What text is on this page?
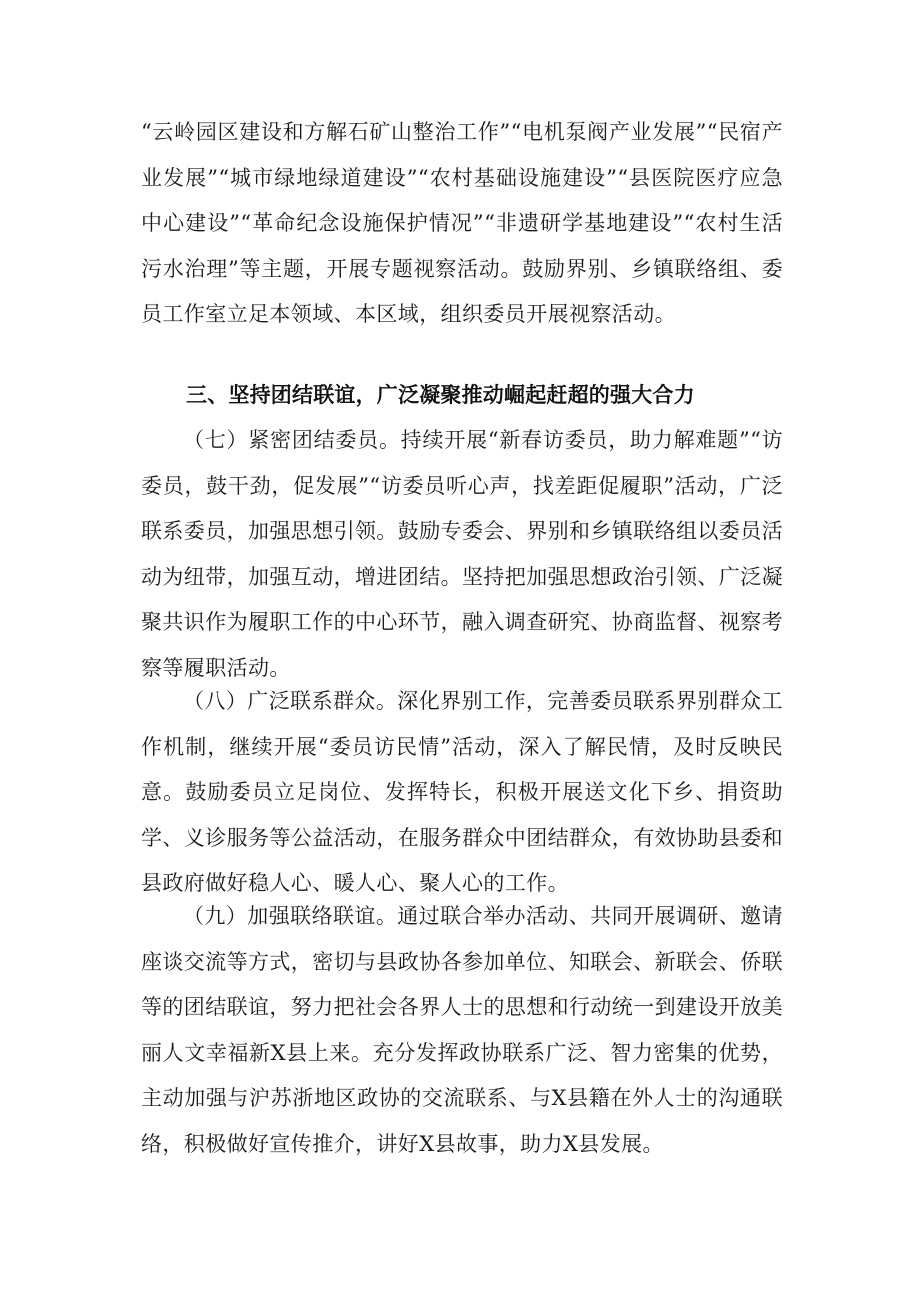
“云岭园区建设和方解石矿山整治工作”“电机泵阀产业发展”“民宿产业发展”“城市绿地绿道建设”“农村基础设施建设”“县医院医疗应急中心建设”“革命纪念设施保护情况”“非遗研学基地建设”“农村生活污水治理”等主题，开展专题视察活动。鼓励界别、乡镇联络组、委员工作室立足本领域、本区域，组织委员开展视察活动。

三、坚持团结联谊，广泛凝聚推动崛起赶超的强大合力

（七）紧密团结委员。持续开展“新春访委员，助力解难题”“访委员，鼓干劲，促发展”“访委员听心声，找差距促履职”活动，广泛联系委员，加强思想引领。鼓励专委会、界别和乡镇联络组以委员活动为纽带，加强互动，增进团结。坚持把加强思想政治引领、广泛凝聚共识作为履职工作的中心环节，融入调查研究、协商监督、视察考察等履职活动。

（八）广泛联系群众。深化界别工作，完善委员联系界别群众工作机制，继续开展“委员访民情”活动，深入了解民情，及时反映民意。鼓励委员立足岗位、发挥特长，积极开展送文化下乡、捐资助学、义诊服务等公益活动，在服务群众中团结群众，有效协助县委和县政府做好稳人心、暖人心、聚人心的工作。

（九）加强联络联谊。通过联合举办活动、共同开展调研、邀请座谈交流等方式，密切与县政协各参加单位、知联会、新联会、侨联等的团结联谊，努力把社会各界人士的思想和行动统一到建设开放美丽人文幸福新X县上来。充分发挥政协联系广泛、智力密集的优势，主动加强与沪苏浙地区政协的交流联系、与X县籍在外人士的沟通联络，积极做好宣传推介，讲好X县故事，助力X县发展。
